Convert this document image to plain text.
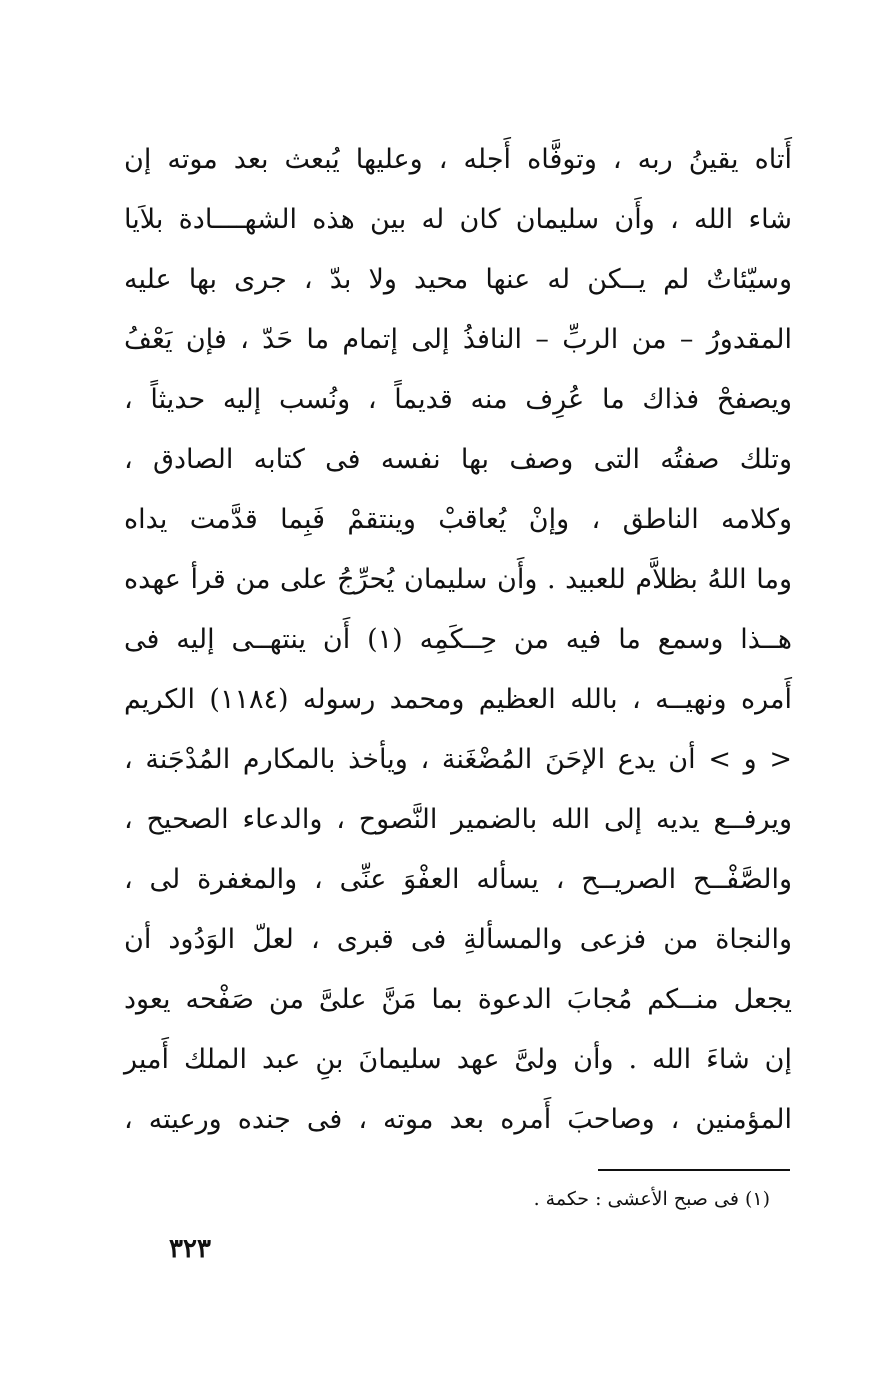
أَتاه يقينُ ربه ، وتوفَّاه أَجله ، وعليها يُبعث بعد موته إن
شاء الله ، وأَن سليمان كان له بين هذه الشهــــادة بلاَيا
وسيّئاتٌ لم يــكن له عنها محيد ولا بدّ ، جرى بها عليه
المقدورُ – من الربِّ – النافذُ إلى إتمام ما حَدّ ، فإن يَعْفُ
ويصفحْ فذاك ما عُرِف منه قديماً ، ونُسب إليه حديثاً ،
وتلك صفتُه التى وصف بها نفسه فى كتابه الصادق ،
وكلامه الناطق ، وإنْ يُعاقبْ وينتقمْ فَبِما قدَّمت يداه
وما اللهُ بظلاَّم للعبيد . وأَن سليمان يُحرِّجُ على من قرأ عهده
هــذا وسمع ما فيه من حِــكَمِه (١) أَن ينتهــى إليه فى
أَمره ونهيــه ، بالله العظيم ومحمد رسوله (١١٨٤) الكريم
< و > أن يدع الإحَنَ المُضْغَنة ، ويأخذ بالمكارم المُدْجَنة ،
ويرفــع يديه إلى الله بالضمير النَّصوح ، والدعاء الصحيح ،
والصَّفْــح الصريــح ، يسأله العفْوَ عنِّى ، والمغفرة لى ،
والنجاة من فزعى والمسألةِ فى قبرى ، لعلّ الوَدُود أن
يجعل منــكم مُجابَ الدعوة بما مَنَّ علىَّ من صَفْحه يعود
إن شاءَ الله . وأن ولىَّ عهد سليمانَ بنِ عبد الملك أَمير
المؤمنين ، وصاحبَ أَمره بعد موته ، فى جنده ورعيته ،
(١) فى صبح الأعشى : حكمة .
٣٢٣
